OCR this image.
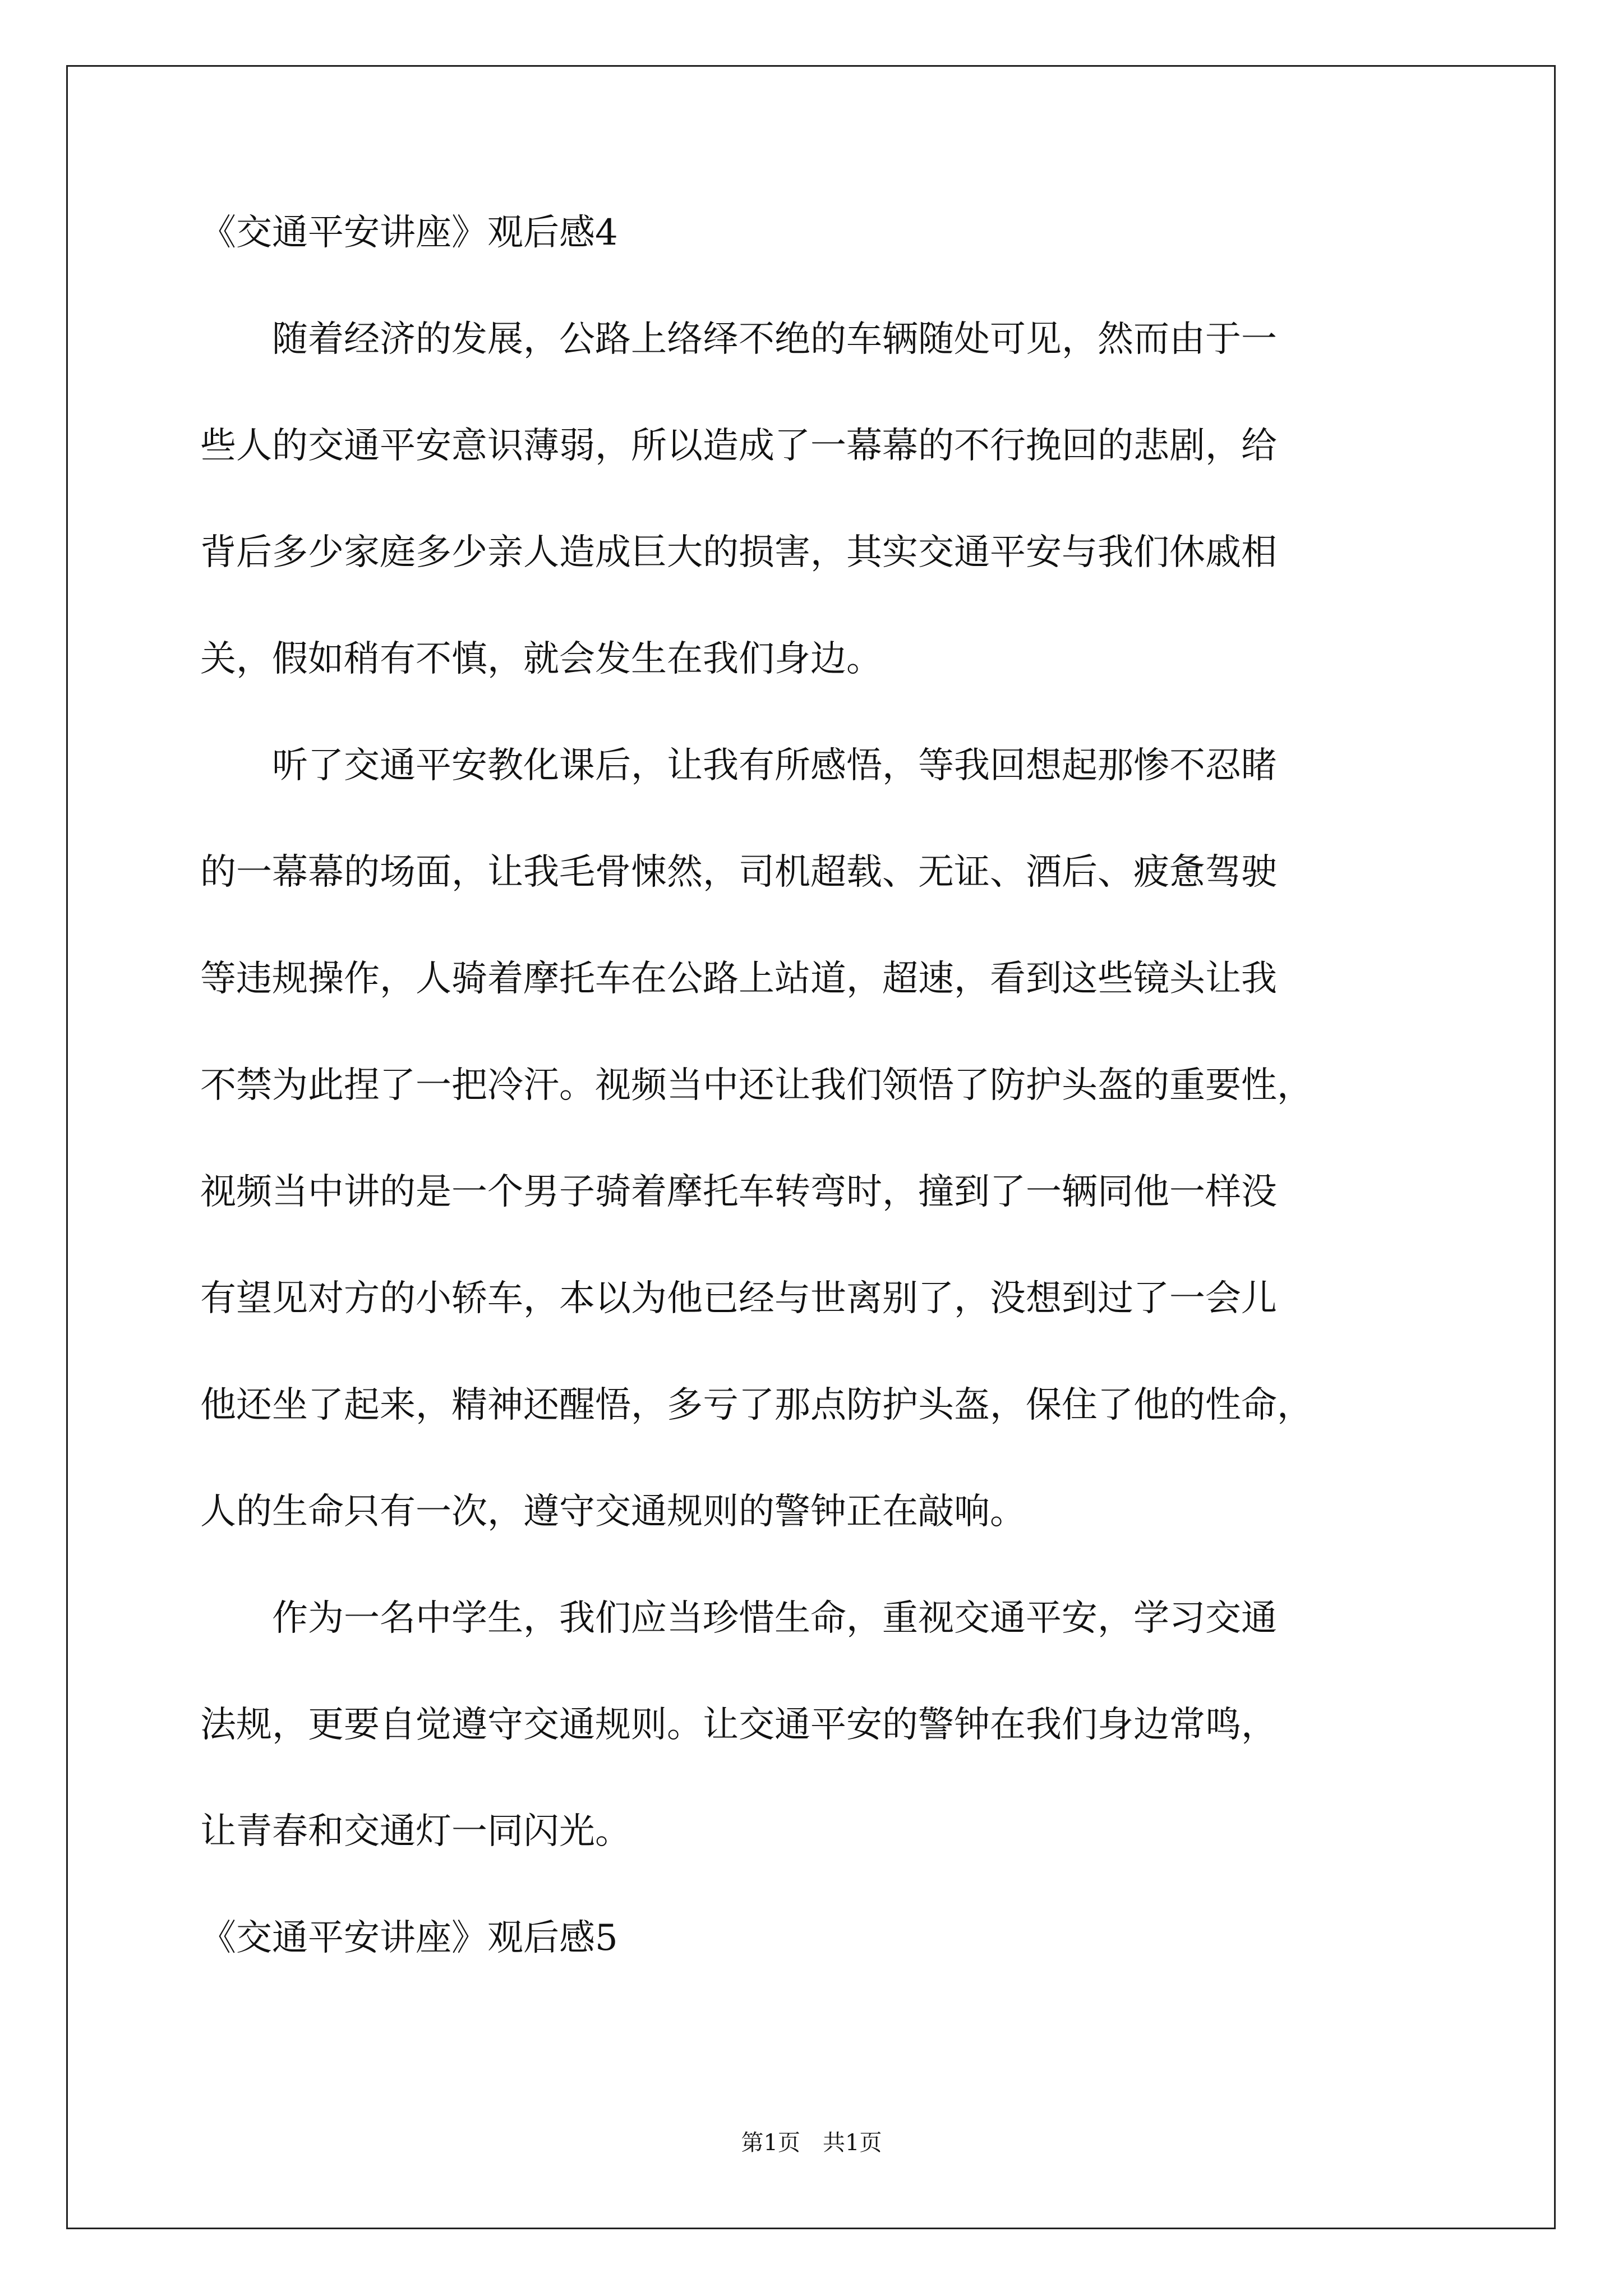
《交通平安讲座》观后感4
随着经济的发展，公路上络绎不绝的车辆随处可见，然而由于一
些人的交通平安意识薄弱，所以造成了一幕幕的不行挽回的悲剧，给
背后多少家庭多少亲人造成巨大的损害，其实交通平安与我们休戚相
关，假如稍有不慎，就会发生在我们身边。
听了交通平安教化课后，让我有所感悟，等我回想起那惨不忍睹
的一幕幕的场面，让我毛骨悚然，司机超载、无证、酒后、疲惫驾驶
等违规操作，人骑着摩托车在公路上站道，超速，看到这些镜头让我
不禁为此捏了一把冷汗。视频当中还让我们领悟了防护头盔的重要性，
视频当中讲的是一个男子骑着摩托车转弯时，撞到了一辆同他一样没
有望见对方的小轿车，本以为他已经与世离别了，没想到过了一会儿
他还坐了起来，精神还醒悟，多亏了那点防护头盔，保住了他的性命，
人的生命只有一次，遵守交通规则的警钟正在敲响。
作为一名中学生，我们应当珍惜生命，重视交通平安，学习交通
法规，更要自觉遵守交通规则。让交通平安的警钟在我们身边常鸣，
让青春和交通灯一同闪光。
《交通平安讲座》观后感5
第1页　共1页
